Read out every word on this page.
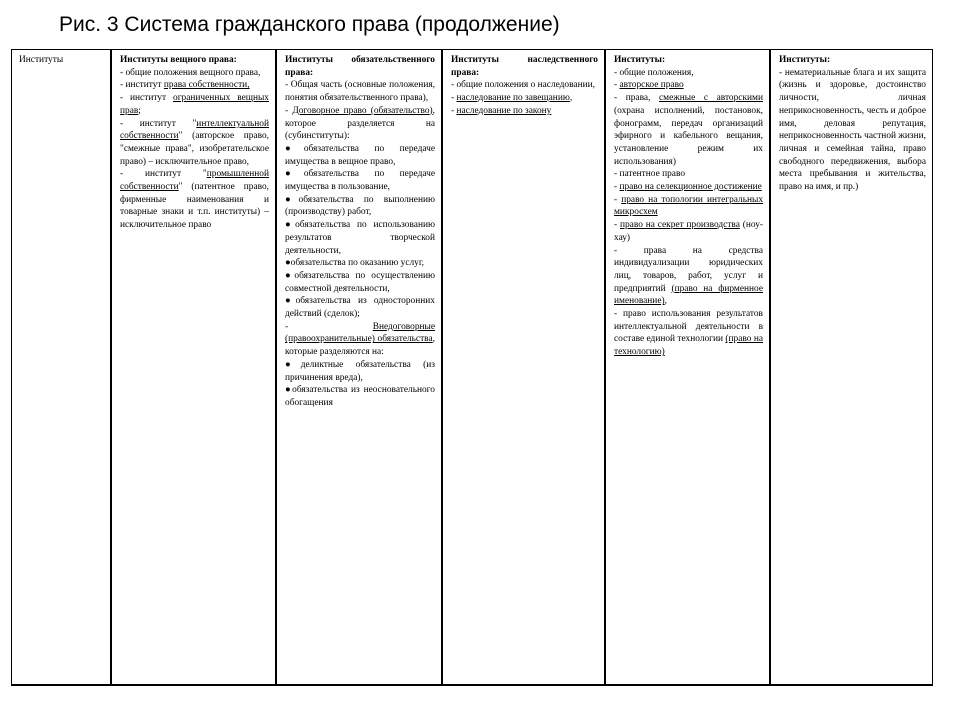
Рис. 3 Система гражданского права (продолжение)
Институты	Институты вещного права:
- общие положения вещного права,
- институт права собственности,
- институт ограниченных вещных прав;
- институт "интеллектуальной собственности" (авторское право, "смежные права", изобретательское право) – исключительное право,
- институт "промышленной собственности" (патентное право, фирменные наименования и товарные знаки и т.п. институты) – исключительное право
Институты обязательственного права:
- Общая часть (основные положения, понятия обязательственного права),
- Договорное право (обязательство), которое разделяется на (субинституты):
●обязательства по передаче имущества в вещное право,
●обязательства по передаче имущества в пользование,
●обязательства по выполнению (производству) работ,
●обязательства по использованию результатов творческой деятельности,
●обязательства по оказанию услуг,
●обязательства по осуществлению совместной деятельности,
●обязательства из односторонних действий (сделок);
- Внедоговорные (правоохранительные) обязательства, которые разделяются на:
●деликтные обязательства (из причинения вреда),
●обязательства из неосновательного обогащения
Институты наследственного права:
- общие положения о наследовании,
- наследование по завещанию,
- наследование по закону
Институты:
- общие положения,
- авторское право
- права, смежные с авторскими (охрана исполнений, постановок, фонограмм, передач организаций эфирного и кабельного вещания, установление режим их использования)
- патентное право
- право на селекционное достижение
- право на топологии интегральных микросхем
- право на секрет производства (ноу-хау)
- права на средства индивидуализации юридических лиц, товаров, работ, услуг и предприятий (право на фирменное именование),
- право использования результатов интеллектуальной деятельности в составе единой технологии (право на технологию)
Институты:
- нематериальные блага и их защита (жизнь и здоровье, достоинство личности, личная неприкосновенность, честь и доброе имя, деловая репутация, неприкосновенность частной жизни, личная и семейная тайна, право свободного передвижения, выбора места пребывания и жительства, право на имя, и пр.)
